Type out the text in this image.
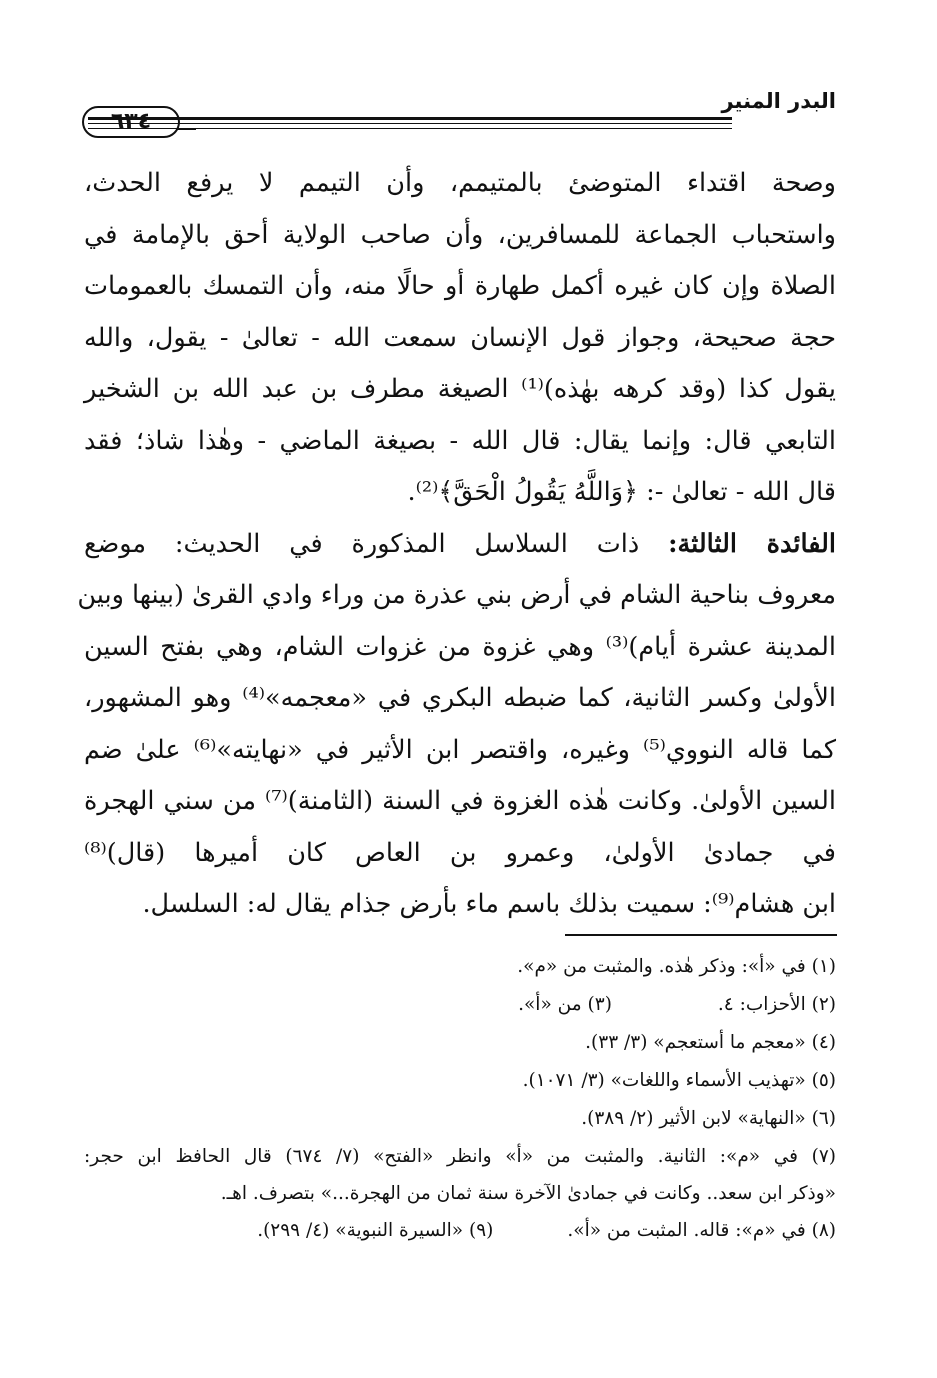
البدر المنير
٦٣٤
وصحة اقتداء المتوضئ بالمتيمم، وأن التيمم لا يرفع الحدث،
واستحباب الجماعة للمسافرين، وأن صاحب الولاية أحق بالإمامة في
الصلاة وإن كان غيره أكمل طهارة أو حالًا منه، وأن التمسك بالعمومات
حجة صحيحة، وجواز قول الإنسان سمعت الله - تعالىٰ - يقول، والله
يقول كذا (وقد كرهه بهٰذه)⁽¹⁾ الصيغة مطرف بن عبد الله بن الشخير
التابعي قال: وإنما يقال: قال الله - بصيغة الماضي - وهٰذا شاذ؛ فقد
قال الله - تعالىٰ -: ﴿وَاللَّهُ يَقُولُ الْحَقَّ﴾⁽²⁾.
الفائدة الثالثة: ذات السلاسل المذكورة في الحديث: موضع
معروف بناحية الشام في أرض بني عذرة من وراء وادي القرىٰ (بينها وبين
المدينة عشرة أيام)⁽³⁾ وهي غزوة من غزوات الشام، وهي بفتح السين
الأولىٰ وكسر الثانية، كما ضبطه البكري في «معجمه»⁽⁴⁾ وهو المشهور،
كما قاله النووي⁽⁵⁾ وغيره، واقتصر ابن الأثير في «نهايته»⁽⁶⁾ علىٰ ضم
السين الأولىٰ. وكانت هٰذه الغزوة في السنة (الثامنة)⁽⁷⁾ من سني الهجرة
في جمادىٰ الأولىٰ، وعمرو بن العاص كان أميرها (قال)⁽⁸⁾
ابن هشام⁽⁹⁾: سميت بذلك باسم ماء بأرض جذام يقال له: السلسل.
(١) في «أ»: وذكر هٰذه. والمثبت من «م».
(٢) الأحزاب: ٤.(٣) من «أ».
(٤) «معجم ما أستعجم» (٣/ ٣٣).
(٥) «تهذيب الأسماء واللغات» (٣/ ١٠٧١).
(٦) «النهاية» لابن الأثير (٢/ ٣٨٩).
(٧) في «م»: الثانية. والمثبت من «أ» وانظر «الفتح» (٧/ ٦٧٤) قال الحافظ ابن حجر:
«وذكر ابن سعد.. وكانت في جمادىٰ الآخرة سنة ثمان من الهجرة...» بتصرف. اهـ.
(٨) في «م»: قاله. المثبت من «أ».(٩) «السيرة النبوية» (٤/ ٢٩٩).
